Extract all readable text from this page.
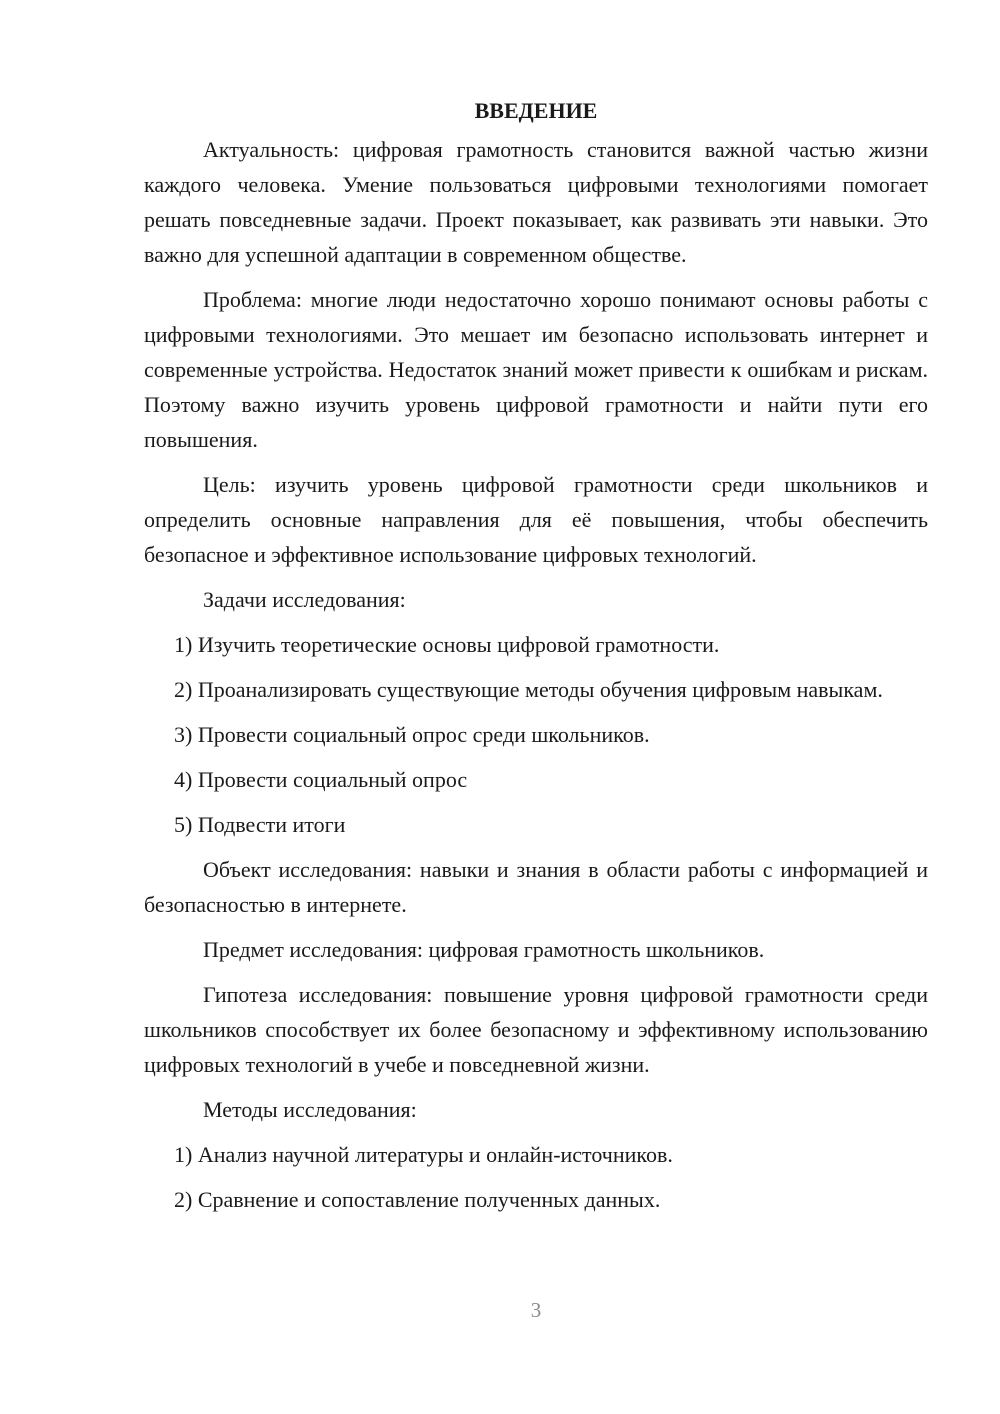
ВВЕДЕНИЕ

Актуальность: цифровая грамотность становится важной частью жизни каждого человека. Умение пользоваться цифровыми технологиями помогает решать повседневные задачи. Проект показывает, как развивать эти навыки. Это важно для успешной адаптации в современном обществе.

Проблема: многие люди недостаточно хорошо понимают основы работы с цифровыми технологиями. Это мешает им безопасно использовать интернет и современные устройства. Недостаток знаний может привести к ошибкам и рискам. Поэтому важно изучить уровень цифровой грамотности и найти пути его повышения.

Цель: изучить уровень цифровой грамотности среди школьников и определить основные направления для её повышения, чтобы обеспечить безопасное и эффективное использование цифровых технологий.

Задачи исследования:

1) Изучить теоретические основы цифровой грамотности.

2) Проанализировать существующие методы обучения цифровым навыкам.

3) Провести социальный опрос среди школьников.

4) Провести социальный опрос

5) Подвести итоги

Объект исследования: навыки и знания в области работы с информацией и безопасностью в интернете.

Предмет исследования: цифровая грамотность школьников.

Гипотеза исследования: повышение уровня цифровой грамотности среди школьников способствует их более безопасному и эффективному использованию цифровых технологий в учебе и повседневной жизни.

Методы исследования:

1) Анализ научной литературы и онлайн-источников.

2) Сравнение и сопоставление полученных данных.

3
